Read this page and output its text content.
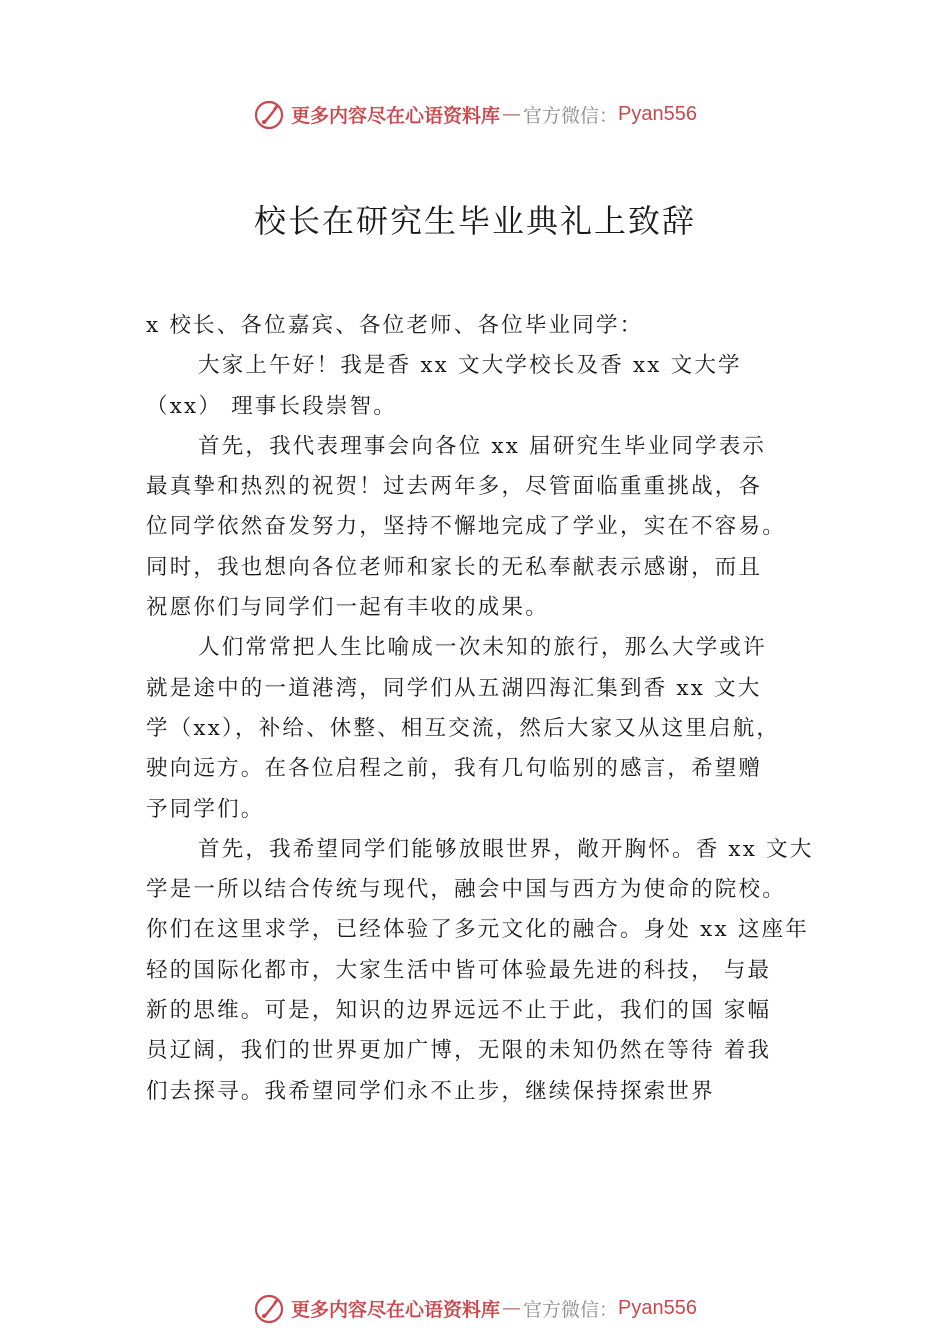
更多内容尽在心语资料库 — 官方微信： Pyan556
校长在研究生毕业典礼上致辞
x 校长、各位嘉宾、各位老师、各位毕业同学：
大家上午好！我是香 xx 文大学校长及香 xx 文大学
（xx） 理事长段崇智。
首先，我代表理事会向各位 xx 届研究生毕业同学表示
最真挚和热烈的祝贺！过去两年多，尽管面临重重挑战，各
位同学依然奋发努力，坚持不懈地完成了学业，实在不容易。
同时，我也想向各位老师和家长的无私奉献表示感谢，而且
祝愿你们与同学们一起有丰收的成果。
人们常常把人生比喻成一次未知的旅行，那么大学或许
就是途中的一道港湾，同学们从五湖四海汇集到香 xx 文大
学（xx），补给、休整、相互交流，然后大家又从这里启航，
驶向远方。在各位启程之前，我有几句临别的感言，希望赠
予同学们。
首先，我希望同学们能够放眼世界，敞开胸怀。香 xx 文大
学是一所以结合传统与现代，融会中国与西方为使命的院校。
你们在这里求学，已经体验了多元文化的融合。身处 xx 这座年
轻的国际化都市，大家生活中皆可体验最先进的科技， 与最
新的思维。可是，知识的边界远远不止于此，我们的国 家幅
员辽阔，我们的世界更加广博，无限的未知仍然在等待 着我
们去探寻。我希望同学们永不止步，继续保持探索世界
更多内容尽在心语资料库 — 官方微信： Pyan556
